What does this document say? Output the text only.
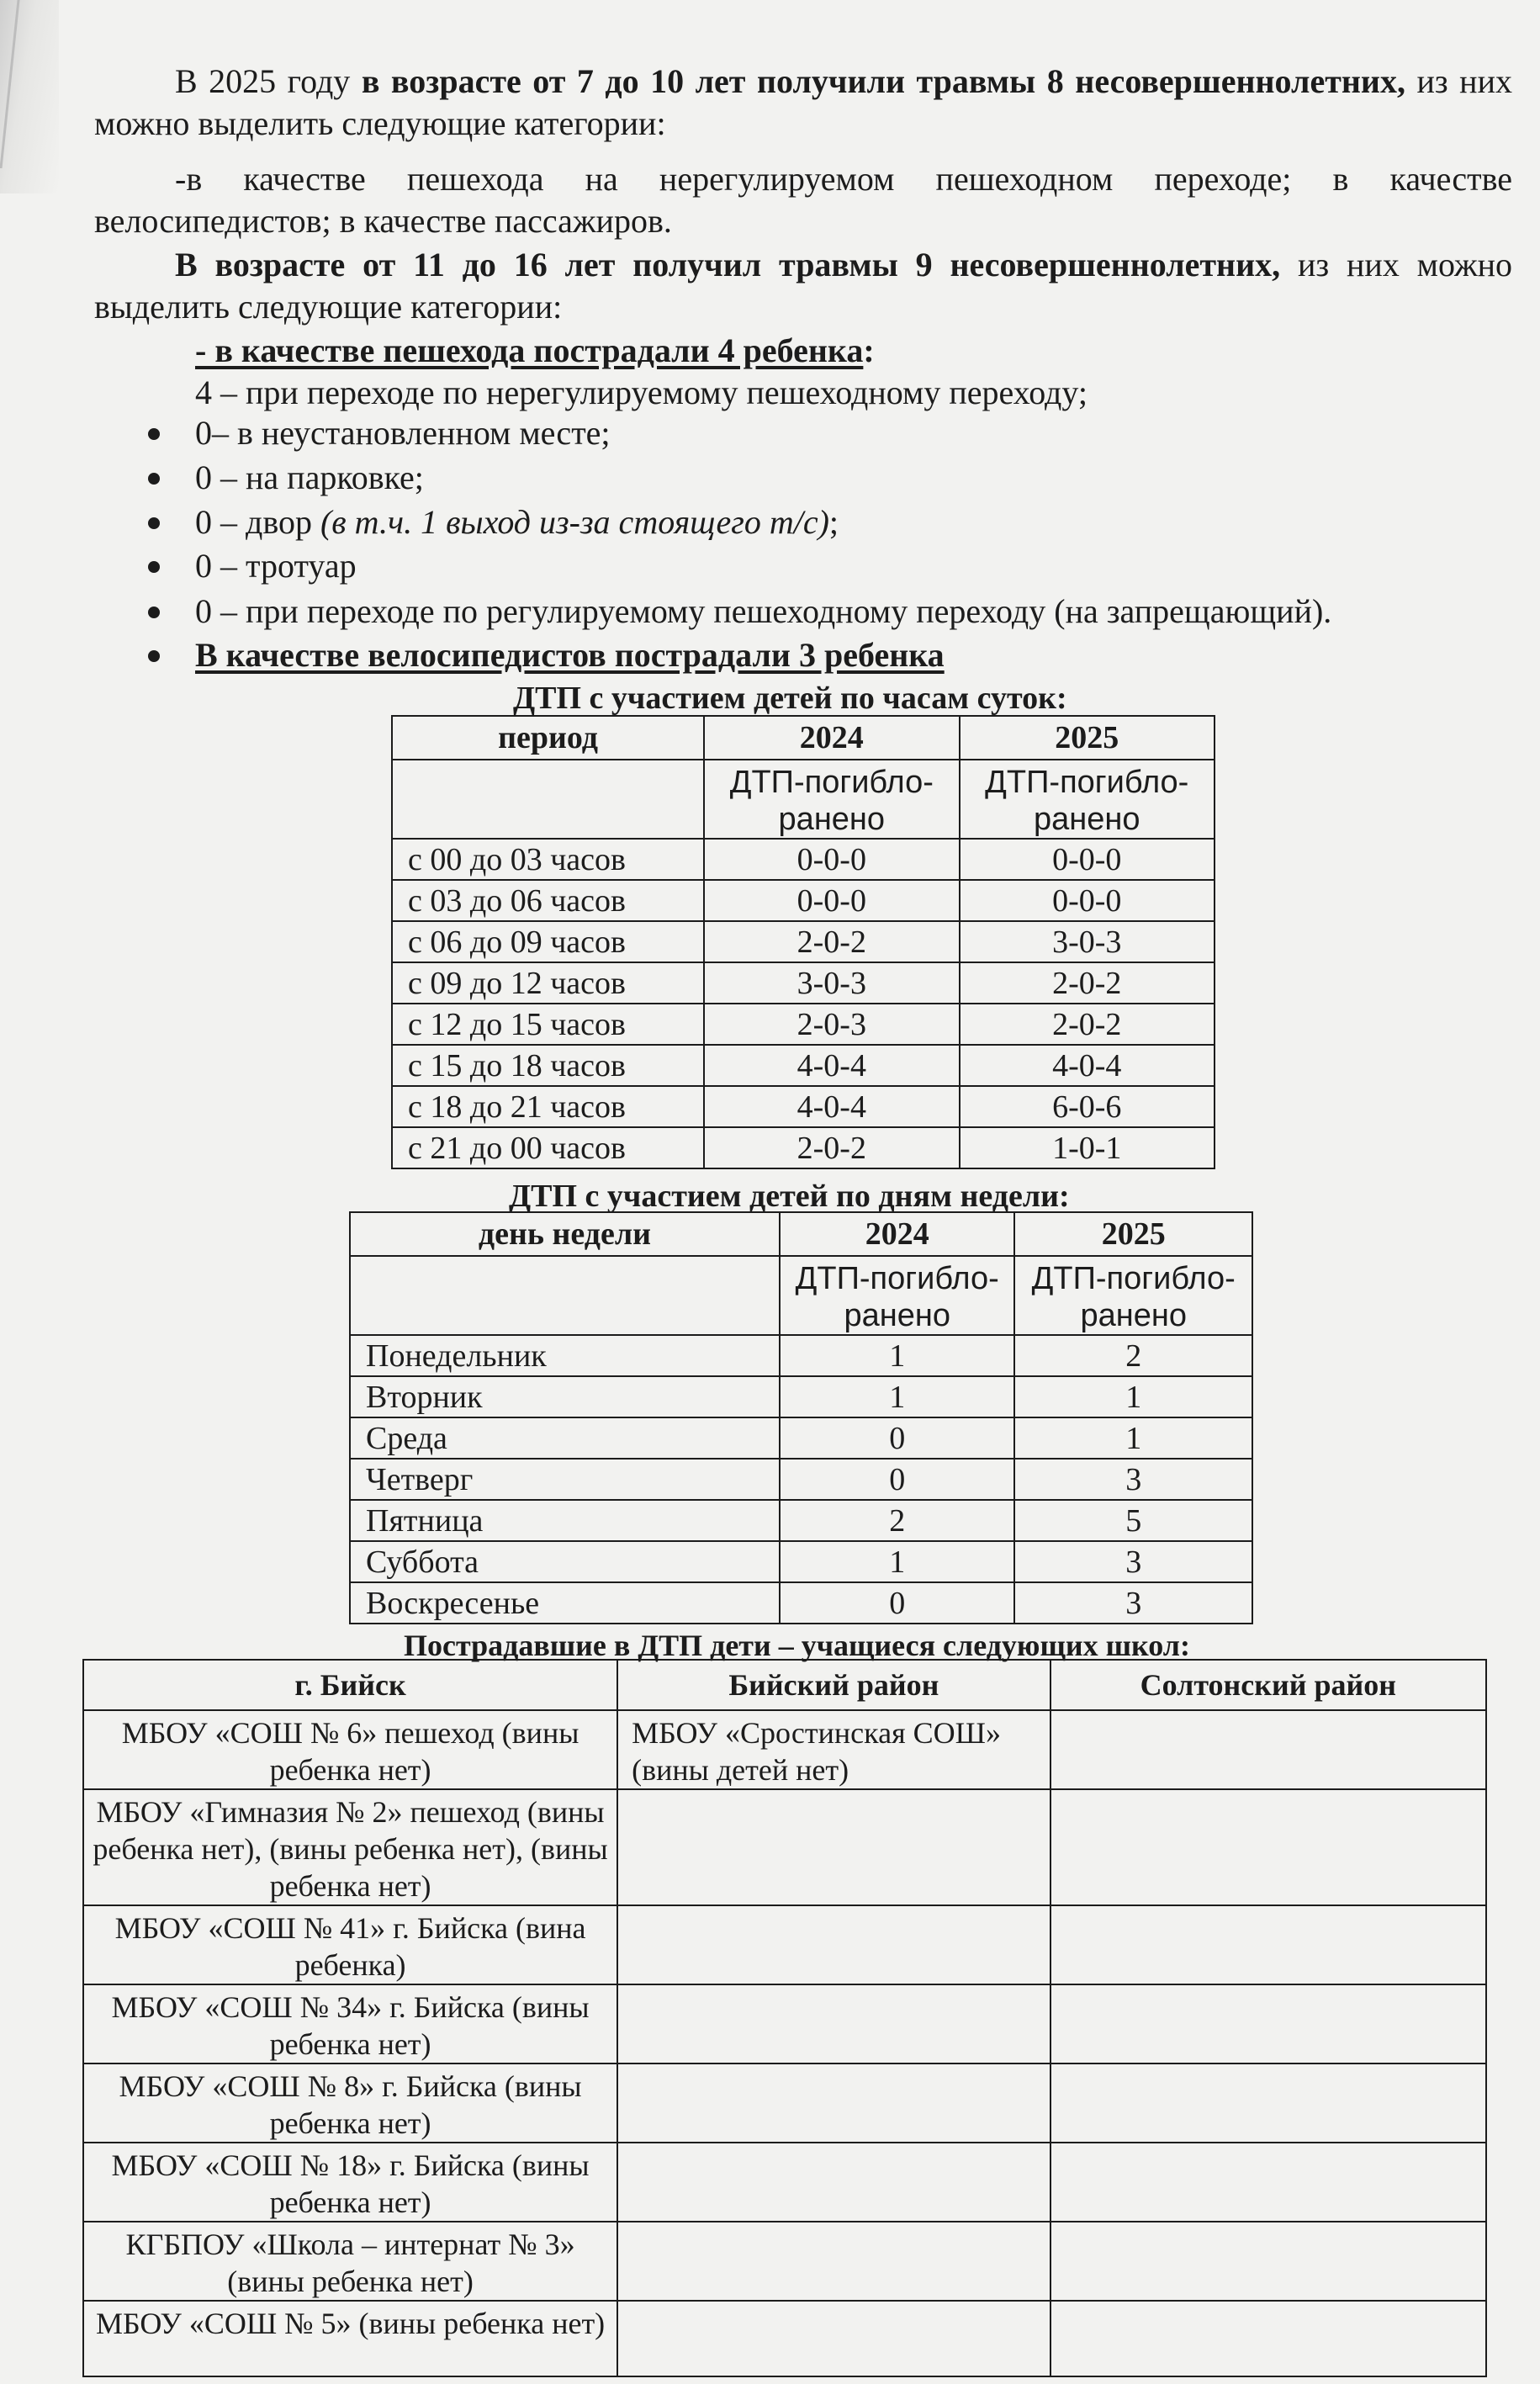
В 2025 году в возрасте от 7 до 10 лет получили травмы 8 несовершеннолетних, из них
можно выделить следующие категории:
-в качестве пешехода на нерегулируемом пешеходном переходе; в качестве
велосипедистов; в качестве пассажиров.
В возрасте от 11 до 16 лет получил травмы 9 несовершеннолетних, из них можно
выделить следующие категории:
- в качестве пешехода пострадали 4 ребенка:
4 – при переходе по нерегулируемому пешеходному переходу;
0– в неустановленном месте;
0 – на парковке;
0 – двор (в т.ч. 1 выход из-за стоящего т/с);
0 – тротуар
0 – при переходе по регулируемому пешеходному переходу (на запрещающий).
В качестве велосипедистов пострадали 3 ребенка
ДТП с участием детей по часам суток:
период	2024	2025
	ДТП-погибло-ранено	ДТП-погибло-ранено
с 00 до 03 часов	0-0-0	0-0-0
с 03 до 06 часов	0-0-0	0-0-0
с 06 до 09 часов	2-0-2	3-0-3
с 09 до 12 часов	3-0-3	2-0-2
с 12 до 15 часов	2-0-3	2-0-2
с 15 до 18 часов	4-0-4	4-0-4
с 18 до 21 часов	4-0-4	6-0-6
с 21 до 00 часов	2-0-2	1-0-1
ДТП с участием детей по дням недели:
день недели	2024	2025
	ДТП-погибло-ранено	ДТП-погибло-ранено
Понедельник	1	2
Вторник	1	1
Среда	0	1
Четверг	0	3
Пятница	2	5
Суббота	1	3
Воскресенье	0	3
Пострадавшие в ДТП дети – учащиеся следующих школ:
г. Бийск	Бийский район	Солтонский район
МБОУ «СОШ № 6» пешеход (вины ребенка нет)	МБОУ «Сростинская СОШ» (вины детей нет)	
МБОУ «Гимназия № 2» пешеход (вины ребенка нет), (вины ребенка нет), (вины ребенка нет)		
МБОУ «СОШ № 41» г. Бийска (вина ребенка)		
МБОУ «СОШ № 34» г. Бийска (вины ребенка нет)		
МБОУ «СОШ № 8» г. Бийска (вины ребенка нет)		
МБОУ «СОШ № 18» г. Бийска (вины ребенка нет)		
КГБПОУ «Школа – интернат № 3» (вины ребенка нет)		
МБОУ «СОШ № 5» (вины ребенка нет)		
